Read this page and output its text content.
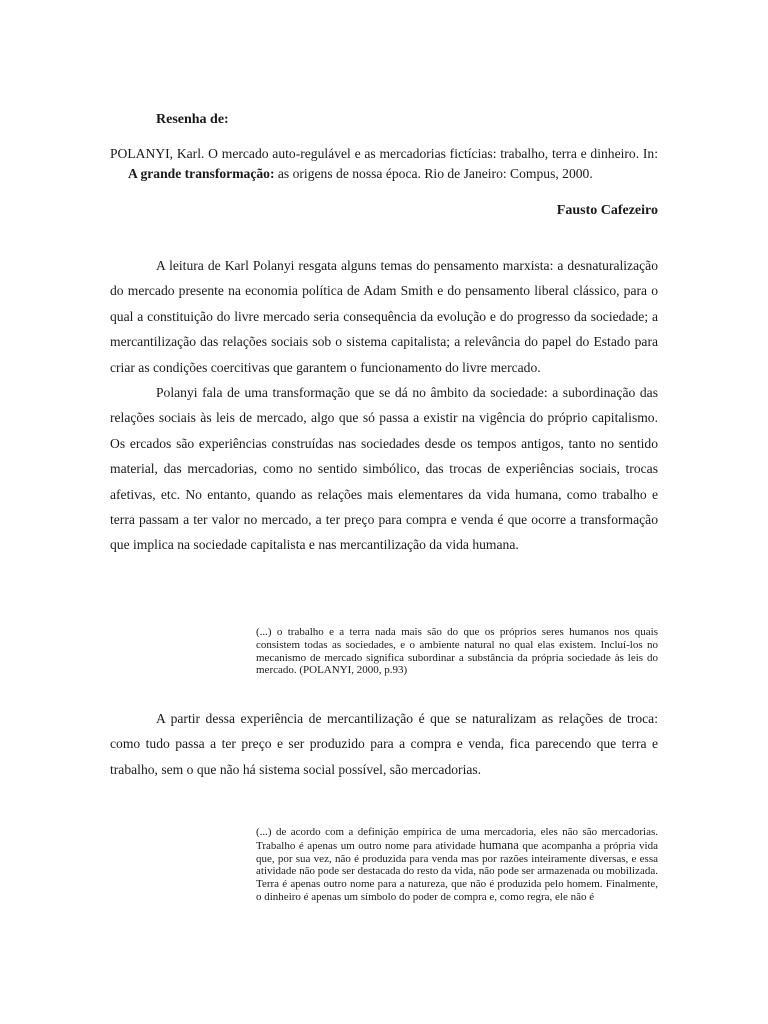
Resenha de:

POLANYI, Karl. O mercado auto-regulável e as mercadorias fictícias: trabalho, terra e dinheiro. In: A grande transformação: as origens de nossa época. Rio de Janeiro: Compus, 2000.

Fausto Cafezeiro

A leitura de Karl Polanyi resgata alguns temas do pensamento marxista: a desnaturalização do mercado presente na economia política de Adam Smith e do pensamento liberal clássico, para o qual a constituição do livre mercado seria consequência da evolução e do progresso da sociedade; a mercantilização das relações sociais sob o sistema capitalista; a relevância do papel do Estado para criar as condições coercitivas que garantem o funcionamento do livre mercado.

Polanyi fala de uma transformação que se dá no âmbito da sociedade: a subordinação das relações sociais às leis de mercado, algo que só passa a existir na vigência do próprio capitalismo. Os ercados são experiências construídas nas sociedades desde os tempos antigos, tanto no sentido material, das mercadorias, como no sentido simbólico, das trocas de experiências sociais, trocas afetivas, etc. No entanto, quando as relações mais elementares da vida humana, como trabalho e terra passam a ter valor no mercado, a ter preço para compra e venda é que ocorre a transformação que implica na sociedade capitalista e nas mercantilização da vida humana.

(...) o trabalho e a terra nada mais são do que os próprios seres humanos nos quais consistem todas as sociedades, e o ambiente natural no qual elas existem. Incluí-los no mecanismo de mercado significa subordinar a substância da própria sociedade às leis do mercado. (POLANYI, 2000, p.93)

A partir dessa experiência de mercantilização é que se naturalizam as relações de troca: como tudo passa a ter preço e ser produzido para a compra e venda, fica parecendo que terra e trabalho, sem o que não há sistema social possível, são mercadorias.

(...) de acordo com a definição empírica de uma mercadoria, eles não são mercadorias. Trabalho é apenas um outro nome para atividade humana que acompanha a própria vida que, por sua vez, não é produzida para venda mas por razões inteiramente diversas, e essa atividade não pode ser destacada do resto da vida, não pode ser armazenada ou mobilizada. Terra é apenas outro nome para a natureza, que não é produzida pelo homem. Finalmente, o dinheiro é apenas um símbolo do poder de compra e, como regra, ele não é
